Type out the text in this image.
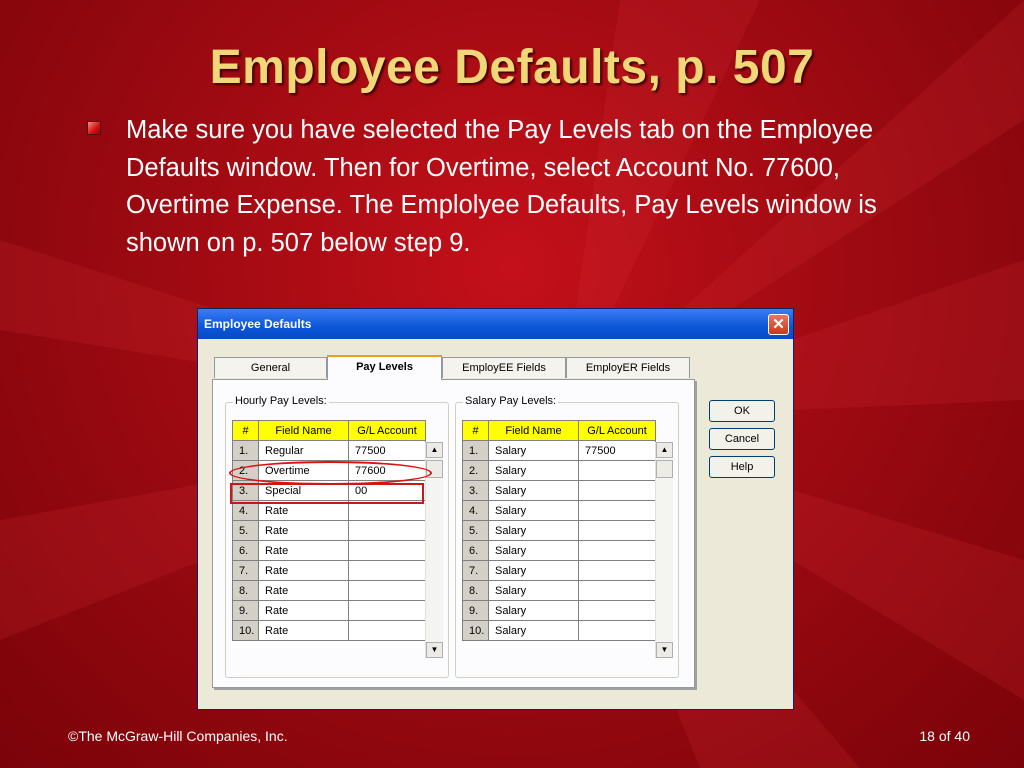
Employee Defaults, p. 507
Make sure you have selected the Pay Levels tab on the Employee Defaults window. Then for Overtime, select Account No. 77600, Overtime Expense. The Emplolyee Defaults, Pay Levels window is shown on p. 507 below step 9.
Employee Defaults	✕
General	Pay Levels	EmployEE Fields	EmployER Fields
Hourly Pay Levels:
#	Field Name	G/L Account
1.	Regular	77500
2.	Overtime	77600
3.	Special	00
4.	Rate	
5.	Rate	
6.	Rate	
7.	Rate	
8.	Rate	
9.	Rate	
10.	Rate	
▲
▼
Salary Pay Levels:
#	Field Name	G/L Account
1.	Salary	77500
2.	Salary	
3.	Salary	
4.	Salary	
5.	Salary	
6.	Salary	
7.	Salary	
8.	Salary	
9.	Salary	
10.	Salary	
▲
▼
OK
Cancel
Help
©The McGraw-Hill Companies, Inc.	18 of 40
